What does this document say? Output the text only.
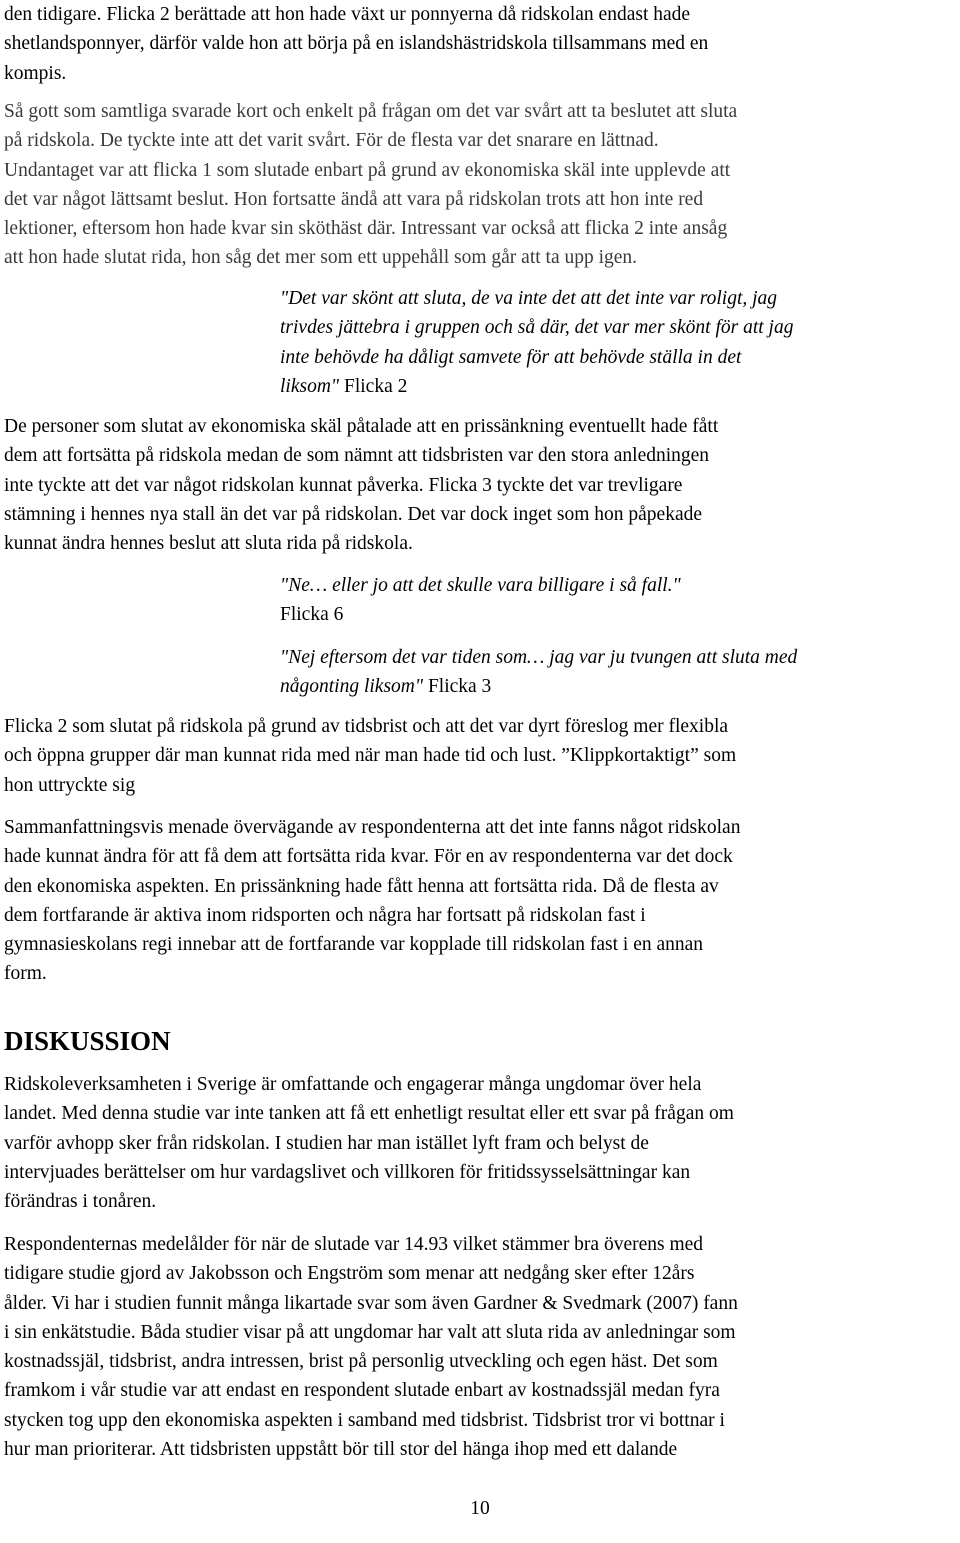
den tidigare. Flicka 2 berättade att hon hade växt ur ponnyerna då ridskolan endast hade
shetlandsponnyer, därför valde hon att börja på en islandshästridskola tillsammans med en
kompis.

Så gott som samtliga svarade kort och enkelt på frågan om det var svårt att ta beslutet att sluta
på ridskola. De tyckte inte att det varit svårt. För de flesta var det snarare en lättnad.
Undantaget var att flicka 1 som slutade enbart på grund av ekonomiska skäl inte upplevde att
det var något lättsamt beslut. Hon fortsatte ändå att vara på ridskolan trots att hon inte red
lektioner, eftersom hon hade kvar sin sköthäst där. Intressant var också att flicka 2 inte ansåg
att hon hade slutat rida, hon såg det mer som ett uppehåll som går att ta upp igen.

"Det var skönt att sluta, de va inte det att det inte var roligt, jag
trivdes jättebra i gruppen och så där, det var mer skönt för att jag
inte behövde ha dåligt samvete för att behövde ställa in det
liksom" Flicka 2

De personer som slutat av ekonomiska skäl påtalade att en prissänkning eventuellt hade fått
dem att fortsätta på ridskola medan de som nämnt att tidsbristen var den stora anledningen
inte tyckte att det var något ridskolan kunnat påverka. Flicka 3 tyckte det var trevligare
stämning i hennes nya stall än det var på ridskolan. Det var dock inget som hon påpekade
kunnat ändra hennes beslut att sluta rida på ridskola.

"Ne… eller jo att det skulle vara billigare i så fall."
Flicka 6

"Nej eftersom det var tiden som… jag var ju tvungen att sluta med
någonting liksom" Flicka 3

Flicka 2 som slutat på ridskola på grund av tidsbrist och att det var dyrt föreslog mer flexibla
och öppna grupper där man kunnat rida med när man hade tid och lust. ”Klippkortaktigt” som
hon uttryckte sig

Sammanfattningsvis menade övervägande av respondenterna att det inte fanns något ridskolan
hade kunnat ändra för att få dem att fortsätta rida kvar. För en av respondenterna var det dock
den ekonomiska aspekten. En prissänkning hade fått henna att fortsätta rida. Då de flesta av
dem fortfarande är aktiva inom ridsporten och några har fortsatt på ridskolan fast i
gymnasieskolans regi innebar att de fortfarande var kopplade till ridskolan fast i en annan
form.

DISKUSSION

Ridskoleverksamheten i Sverige är omfattande och engagerar många ungdomar över hela
landet. Med denna studie var inte tanken att få ett enhetligt resultat eller ett svar på frågan om
varför avhopp sker från ridskolan. I studien har man istället lyft fram och belyst de
intervjuades berättelser om hur vardagslivet och villkoren för fritidssysselsättningar kan
förändras i tonåren.

Respondenternas medelålder för när de slutade var 14.93 vilket stämmer bra överens med
tidigare studie gjord av Jakobsson och Engström som menar att nedgång sker efter 12års
ålder. Vi har i studien funnit många likartade svar som även Gardner & Svedmark (2007) fann
i sin enkätstudie. Båda studier visar på att ungdomar har valt att sluta rida av anledningar som
kostnadssjäl, tidsbrist, andra intressen, brist på personlig utveckling och egen häst. Det som
framkom i vår studie var att endast en respondent slutade enbart av kostnadssjäl medan fyra
stycken tog upp den ekonomiska aspekten i samband med tidsbrist. Tidsbrist tror vi bottnar i
hur man prioriterar. Att tidsbristen uppstått bör till stor del hänga ihop med ett dalande

10
